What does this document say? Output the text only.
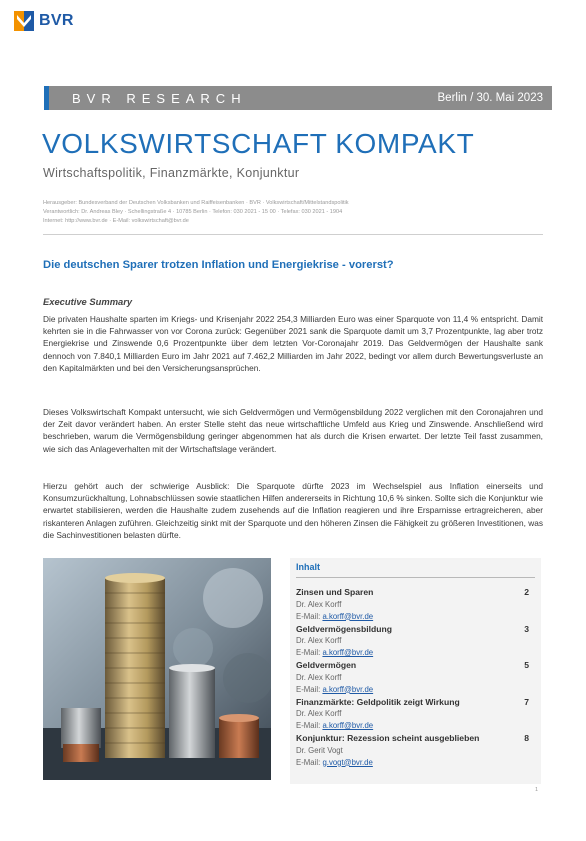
BVR
BVR RESEARCH	Berlin / 30. Mai 2023
VOLKSWIRTSCHAFT KOMPAKT
Wirtschaftspolitik, Finanzmärkte, Konjunktur
Herausgeber: Bundesverband der Deutschen Volksbanken und Raiffeisenbanken · BVR · Volkswirtschaft/Mittelstandspolitik
Verantwortlich: Dr. Andreas Bley · Schellingstraße 4 · 10785 Berlin · Telefon: 030 2021 - 15 00 · Telefax: 030 2021 - 1904
Internet: http://www.bvr.de · E-Mail: volkswirtschaft@bvr.de
Die deutschen Sparer trotzen Inflation und Energiekrise - vorerst?
Executive Summary

Die privaten Haushalte sparten im Kriegs- und Krisenjahr 2022 254,3 Milliarden Euro was einer Sparquote von 11,4 % entspricht. Damit kehrten sie in die Fahrwasser von vor Corona zurück: Gegenüber 2021 sank die Sparquote damit um 3,7 Prozentpunkte, lag aber trotz Energiekrise und Zinswende 0,6 Prozentpunkte über dem letzten Vor-Coronajahr 2019. Das Geldvermögen der Haushalte sank dennoch von 7.840,1 Milliarden Euro im Jahr 2021 auf 7.462,2 Milliarden im Jahr 2022, bedingt vor allem durch Bewertungsverluste an den Kapitalmärkten und bei den Versicherungsansprüchen.

Dieses Volkswirtschaft Kompakt untersucht, wie sich Geldvermögen und Vermögensbildung 2022 verglichen mit den Coronajahren und der Zeit davor verändert haben. An erster Stelle steht das neue wirtschaftliche Umfeld aus Krieg und Zinswende. Anschließend wird beschrieben, warum die Vermögensbildung geringer abgenommen hat als durch die Krisen erwartet. Der letzte Teil fasst zusammen, wie sich das Anlageverhalten mit der Wirtschaftslage verändert.

Hierzu gehört auch der schwierige Ausblick: Die Sparquote dürfte 2023 im Wechselspiel aus Inflation einerseits und Konsumzurückhaltung, Lohnabschlüssen sowie staatlichen Hilfen andererseits in Richtung 10,6 % sinken. Sollte sich die Konjunktur wie erwartet stabilisieren, werden die Haushalte zudem zusehends auf die Inflation reagieren und ihre Ersparnisse ertragreicheren, aber riskanteren Anlagen zuführen. Gleichzeitig sinkt mit der Sparquote und den höheren Zinsen die Fähigkeit zu größeren Investitionen, was die Sachinvestitionen belasten dürfte.

Inhalt
Zinsen und Sparen	2
Dr. Alex Korff
E-Mail: a.korff@bvr.de
Geldvermögensbildung	3
Dr. Alex Korff
E-Mail: a.korff@bvr.de
Geldvermögen	5
Dr. Alex Korff
E-Mail: a.korff@bvr.de
Finanzmärkte: Geldpolitik zeigt Wirkung	7
Dr. Alex Korff
E-Mail: a.korff@bvr.de
Konjunktur: Rezession scheint ausgeblieben	8
Dr. Gerit Vogt
E-Mail: g.vogt@bvr.de
1
